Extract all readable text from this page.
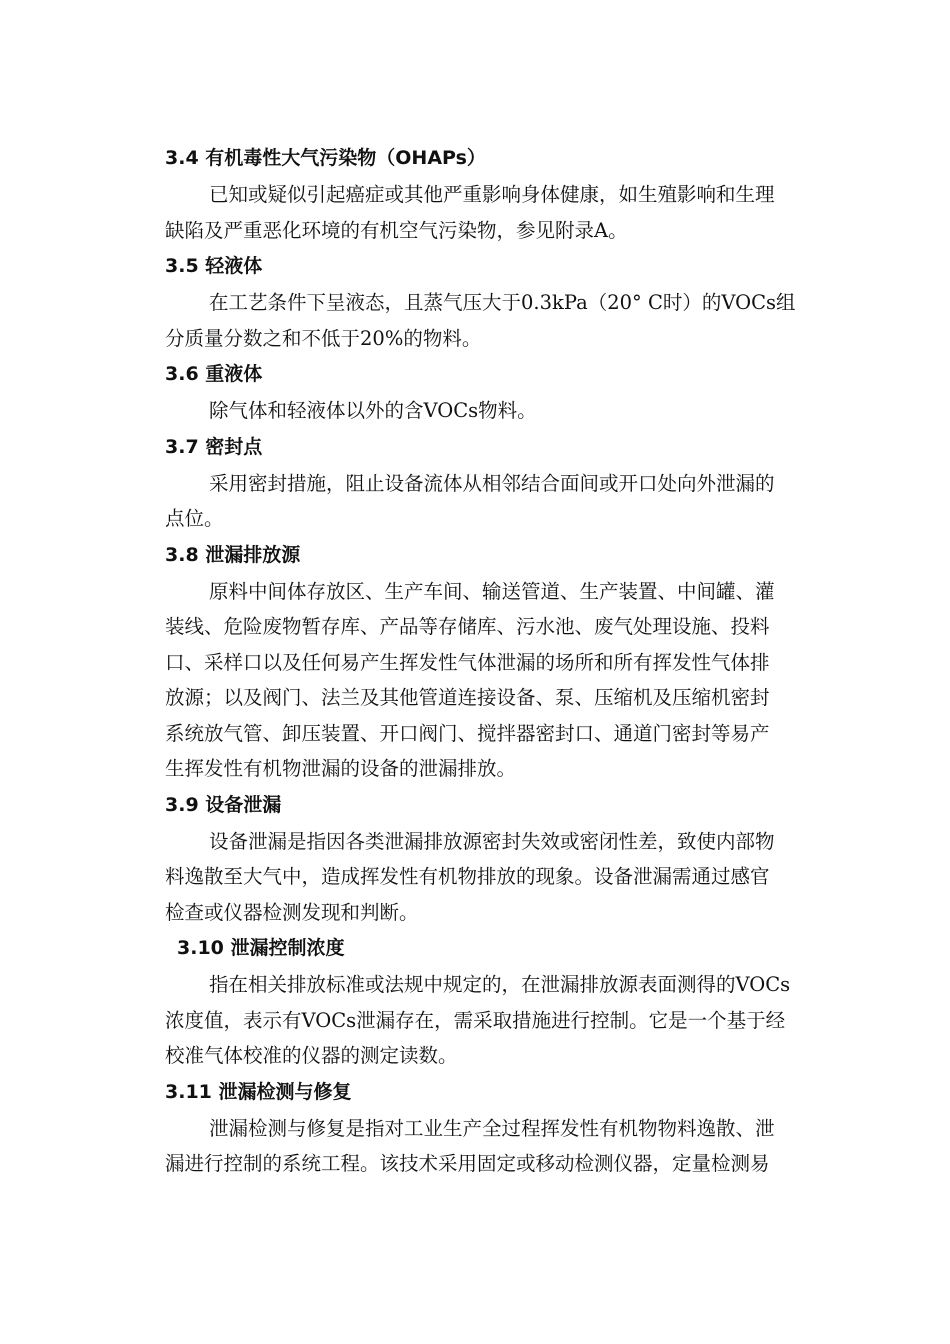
3.4 有机毒性大气污染物（OHAPs）
已知或疑似引起癌症或其他严重影响身体健康，如生殖影响和生理
缺陷及严重恶化环境的有机空气污染物，参见附录A。
3.5 轻液体
在工艺条件下呈液态，且蒸气压大于0.3kPa（20° C时）的VOCs组
分质量分数之和不低于20%的物料。
3.6 重液体
除气体和轻液体以外的含VOCs物料。
3.7 密封点
采用密封措施，阻止设备流体从相邻结合面间或开口处向外泄漏的
点位。
3.8 泄漏排放源
原料中间体存放区、生产车间、输送管道、生产装置、中间罐、灌
装线、危险废物暂存库、产品等存储库、污水池、废气处理设施、投料
口、采样口以及任何易产生挥发性气体泄漏的场所和所有挥发性气体排
放源；以及阀门、法兰及其他管道连接设备、泵、压缩机及压缩机密封
系统放气管、卸压装置、开口阀门、搅拌器密封口、通道门密封等易产
生挥发性有机物泄漏的设备的泄漏排放。
3.9 设备泄漏
设备泄漏是指因各类泄漏排放源密封失效或密闭性差，致使内部物
料逸散至大气中，造成挥发性有机物排放的现象。设备泄漏需通过感官
检查或仪器检测发现和判断。
3.10 泄漏控制浓度
指在相关排放标准或法规中规定的，在泄漏排放源表面测得的VOCs
浓度值，表示有VOCs泄漏存在，需采取措施进行控制。它是一个基于经
校准气体校准的仪器的测定读数。
3.11 泄漏检测与修复
泄漏检测与修复是指对工业生产全过程挥发性有机物物料逸散、泄
漏进行控制的系统工程。该技术采用固定或移动检测仪器，定量检测易
